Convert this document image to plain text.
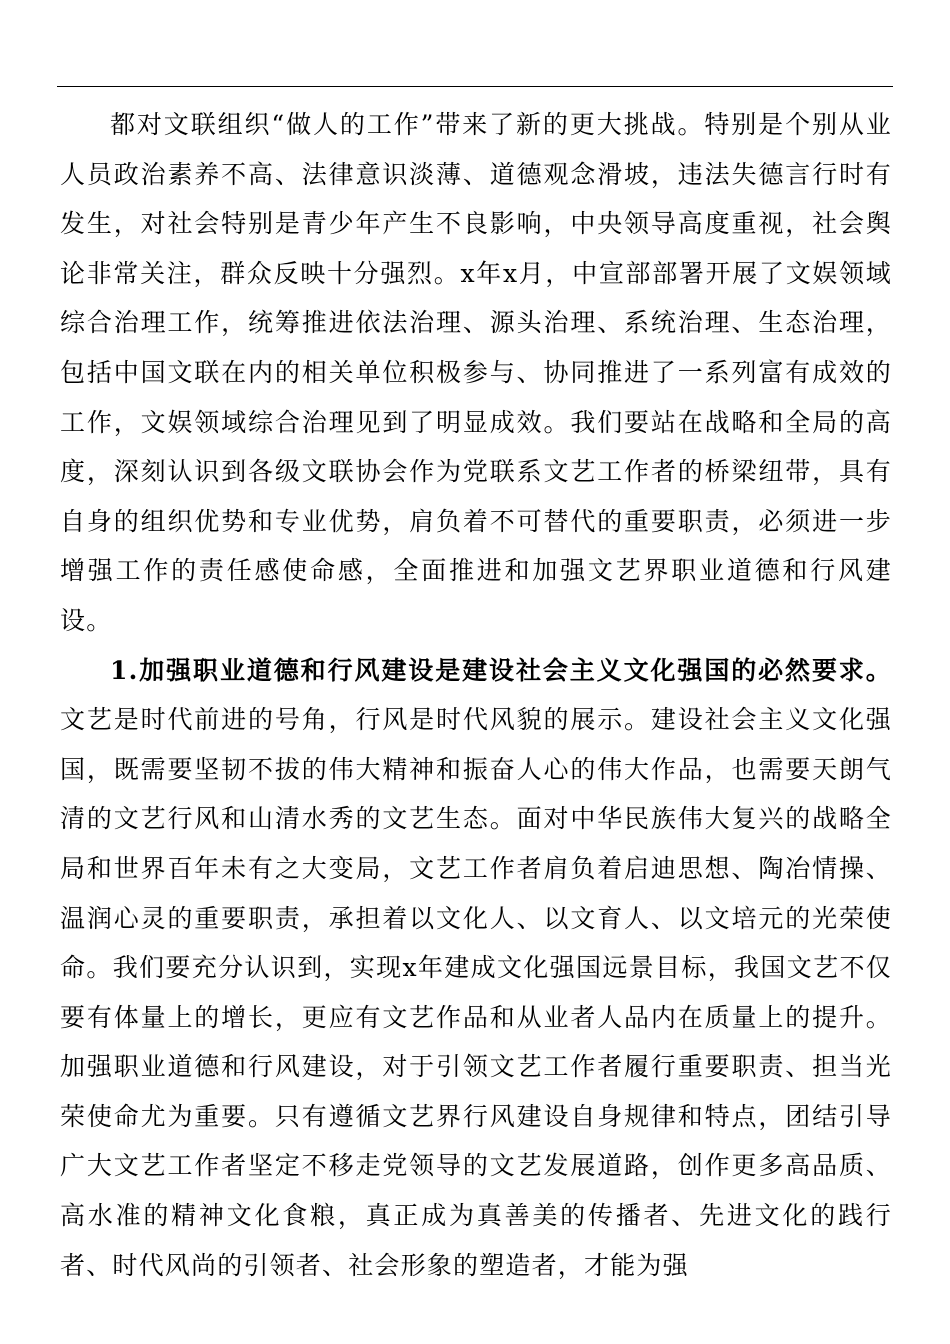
都对文联组织“做人的工作”带来了新的更大挑战。特别是个别从业人员政治素养不高、法律意识淡薄、道德观念滑坡，违法失德言行时有发生，对社会特别是青少年产生不良影响，中央领导高度重视，社会舆论非常关注，群众反映十分强烈。x年x月，中宣部部署开展了文娱领域综合治理工作，统筹推进依法治理、源头治理、系统治理、生态治理，包括中国文联在内的相关单位积极参与、协同推进了一系列富有成效的工作，文娱领域综合治理见到了明显成效。我们要站在战略和全局的高度，深刻认识到各级文联协会作为党联系文艺工作者的桥梁纽带，具有自身的组织优势和专业优势，肩负着不可替代的重要职责，必须进一步增强工作的责任感使命感，全面推进和加强文艺界职业道德和行风建设。

1.加强职业道德和行风建设是建设社会主义文化强国的必然要求。文艺是时代前进的号角，行风是时代风貌的展示。建设社会主义文化强国，既需要坚韧不拔的伟大精神和振奋人心的伟大作品，也需要天朗气清的文艺行风和山清水秀的文艺生态。面对中华民族伟大复兴的战略全局和世界百年未有之大变局，文艺工作者肩负着启迪思想、陶冶情操、温润心灵的重要职责，承担着以文化人、以文育人、以文培元的光荣使命。我们要充分认识到，实现x年建成文化强国远景目标，我国文艺不仅要有体量上的增长，更应有文艺作品和从业者人品内在质量上的提升。加强职业道德和行风建设，对于引领文艺工作者履行重要职责、担当光荣使命尤为重要。只有遵循文艺界行风建设自身规律和特点，团结引导广大文艺工作者坚定不移走党领导的文艺发展道路，创作更多高品质、高水准的精神文化食粮，真正成为真善美的传播者、先进文化的践行者、时代风尚的引领者、社会形象的塑造者，才能为强
